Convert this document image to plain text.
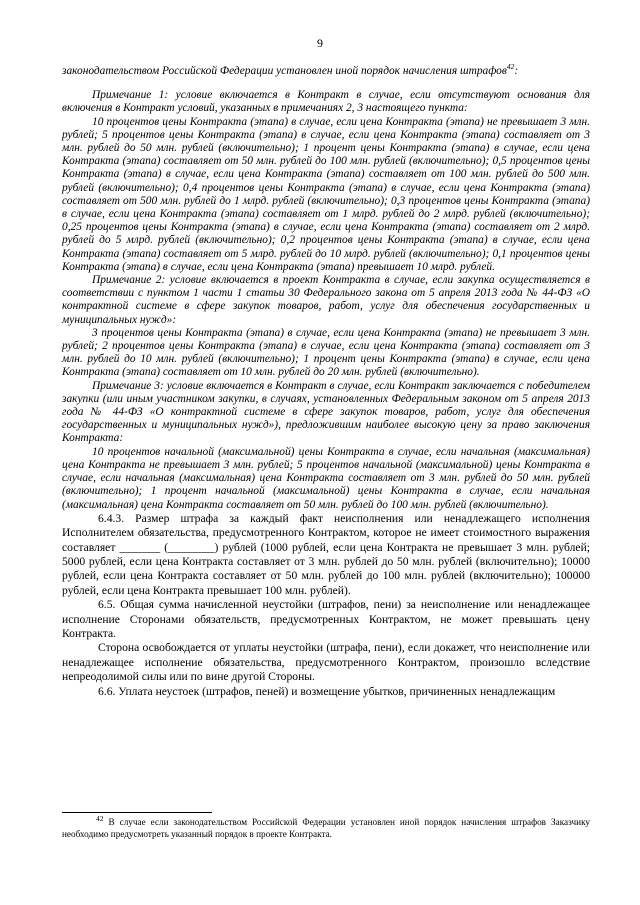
9

законодательством Российской Федерации установлен иной порядок начисления штрафов$^{42}$:

Примечание 1: условие включается в Контракт в случае, если отсутствуют основания для включения в Контракт условий, указанных в примечаниях 2, 3 настоящего пункта:

10 процентов цены Контракта (этапа) в случае, если цена Контракта (этапа) не превышает 3 млн. рублей; 5 процентов цены Контракта (этапа) в случае, если цена Контракта (этапа) составляет от 3 млн. рублей до 50 млн. рублей (включительно); 1 процент цены Контракта (этапа) в случае, если цена Контракта (этапа) составляет от 50 млн. рублей до 100 млн. рублей (включительно); 0,5 процентов цены Контракта (этапа) в случае, если цена Контракта (этапа) составляет от 100 млн. рублей до 500 млн. рублей (включительно); 0,4 процентов цены Контракта (этапа) в случае, если цена Контракта (этапа) составляет от 500 млн. рублей до 1 млрд. рублей (включительно); 0,3 процентов цены Контракта (этапа) в случае, если цена Контракта (этапа) составляет от 1 млрд. рублей до 2 млрд. рублей (включительно); 0,25 процентов цены Контракта (этапа) в случае, если цена Контракта (этапа) составляет от 2 млрд. рублей до 5 млрд. рублей (включительно); 0,2 процентов цены Контракта (этапа) в случае, если цена Контракта (этапа) составляет от 5 млрд. рублей до 10 млрд. рублей (включительно); 0,1 процентов цены Контракта (этапа) в случае, если цена Контракта (этапа) превышает 10 млрд. рублей.

Примечание 2: условие включается в проект Контракта в случае, если закупка осуществляется в соответствии с пунктом 1 части 1 статьи 30 Федерального закона от 5 апреля 2013 года № 44-ФЗ «О контрактной системе в сфере закупок товаров, работ, услуг для обеспечения государственных и муниципальных нужд»:

3 процентов цены Контракта (этапа) в случае, если цена Контракта (этапа) не превышает 3 млн. рублей; 2 процентов цены Контракта (этапа) в случае, если цена Контракта (этапа) составляет от 3 млн. рублей до 10 млн. рублей (включительно); 1 процент цены Контракта (этапа) в случае, если цена Контракта (этапа) составляет от 10 млн. рублей до 20 млн. рублей (включительно).

Примечание 3: условие включается в Контракт в случае, если Контракт заключается с победителем закупки (или иным участником закупки, в случаях, установленных Федеральным законом от 5 апреля 2013 года № 44-ФЗ «О контрактной системе в сфере закупок товаров, работ, услуг для обеспечения государственных и муниципальных нужд»), предложившим наиболее высокую цену за право заключения Контракта:

10 процентов начальной (максимальной) цены Контракта в случае, если начальная (максимальная) цена Контракта не превышает 3 млн. рублей; 5 процентов начальной (максимальной) цены Контракта в случае, если начальная (максимальная) цена Контракта составляет от 3 млн. рублей до 50 млн. рублей (включительно); 1 процент начальной (максимальной) цены Контракта в случае, если начальная (максимальная) цена Контракта составляет от 50 млн. рублей до 100 млн. рублей (включительно).

6.4.3. Размер штрафа за каждый факт неисполнения или ненадлежащего исполнения Исполнителем обязательства, предусмотренного Контрактом, которое не имеет стоимостного выражения составляет _______ (________) рублей (1000 рублей, если цена Контракта не превышает 3 млн. рублей; 5000 рублей, если цена Контракта составляет от 3 млн. рублей до 50 млн. рублей (включительно); 10000 рублей, если цена Контракта составляет от 50 млн. рублей до 100 млн. рублей (включительно); 100000 рублей, если цена Контракта превышает 100 млн. рублей).

6.5. Общая сумма начисленной неустойки (штрафов, пени) за неисполнение или ненадлежащее исполнение Сторонами обязательств, предусмотренных Контрактом, не может превышать цену Контракта.

Сторона освобождается от уплаты неустойки (штрафа, пени), если докажет, что неисполнение или ненадлежащее исполнение обязательства, предусмотренного Контрактом, произошло вследствие непреодолимой силы или по вине другой Стороны.

6.6. Уплата неустоек (штрафов, пеней) и возмещение убытков, причиненных ненадлежащим

$^{42}$ В случае если законодательством Российской Федерации установлен иной порядок начисления штрафов Заказчику необходимо предусмотреть указанный порядок в проекте Контракта.
